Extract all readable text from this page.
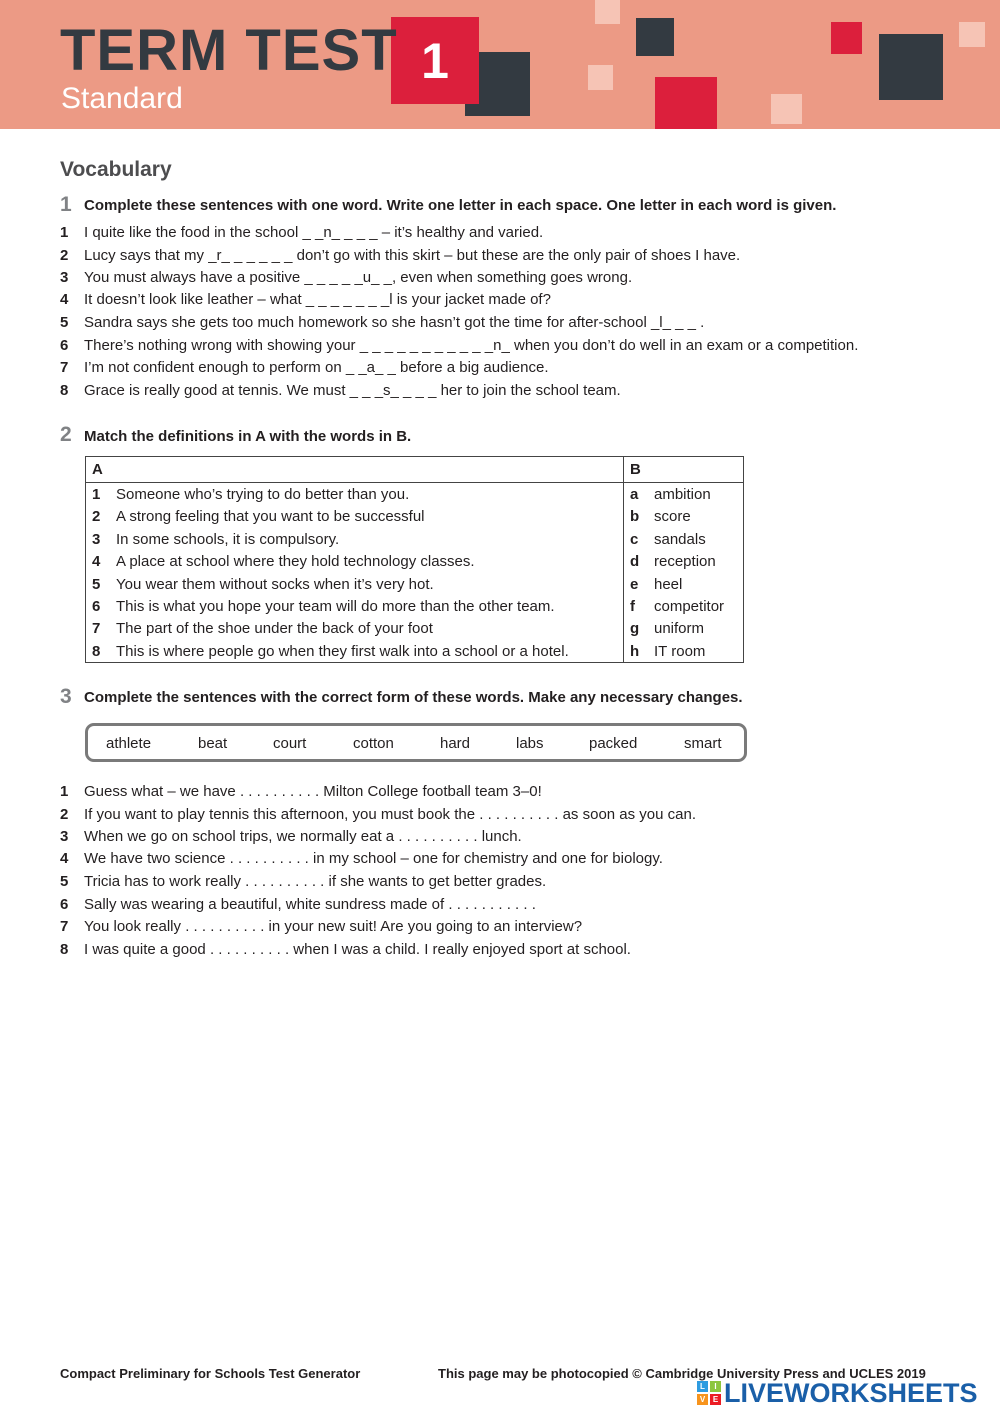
1
TERM TEST
Standard
Vocabulary
1 Complete these sentences with one word. Write one letter in each space. One letter in each word is given.
1 I quite like the food in the school _ _n_ _ _ _ – it’s healthy and varied.
2 Lucy says that my _r_ _ _ _ _ _ don’t go with this skirt – but these are the only pair of shoes I have.
3 You must always have a positive _ _ _ _ _u_ _, even when something goes wrong.
4 It doesn’t look like leather – what _ _ _ _ _ _ _l is your jacket made of?
5 Sandra says she gets too much homework so she hasn’t got the time for after-school _l_ _ _ .
6 There’s nothing wrong with showing your _ _ _ _ _ _ _ _ _ _ _n_ when you don’t do well in an exam or a competition.
7 I’m not confident enough to perform on _ _a_ _ before a big audience.
8 Grace is really good at tennis. We must _ _ _s_ _ _ _ her to join the school team.
2 Match the definitions in A with the words in B.
A	B
1 Someone who’s trying to do better than you.	a ambition
2 A strong feeling that you want to be successful	b score
3 In some schools, it is compulsory.	c sandals
4 A place at school where they hold technology classes.	d reception
5 You wear them without socks when it’s very hot.	e heel
6 This is what you hope your team will do more than the other team.	f competitor
7 The part of the shoe under the back of your foot	g uniform
8 This is where people go when they first walk into a school or a hotel.	h IT room
3 Complete the sentences with the correct form of these words. Make any necessary changes.
athlete	beat	court	cotton	hard	labs	packed	smart
1 Guess what – we have . . . . . . . . . . Milton College football team 3–0!
2 If you want to play tennis this afternoon, you must book the . . . . . . . . . . as soon as you can.
3 When we go on school trips, we normally eat a . . . . . . . . . . lunch.
4 We have two science . . . . . . . . . . in my school – one for chemistry and one for biology.
5 Tricia has to work really . . . . . . . . . . if she wants to get better grades.
6 Sally was wearing a beautiful, white sundress made of . . . . . . . . . . .
7 You look really . . . . . . . . . . in your new suit! Are you going to an interview?
8 I was quite a good . . . . . . . . . . when I was a child. I really enjoyed sport at school.
Compact Preliminary for Schools Test Generator	This page may be photocopied © Cambridge University Press and UCLES 2019
L	I
V E LIVEWORKSHEETS
